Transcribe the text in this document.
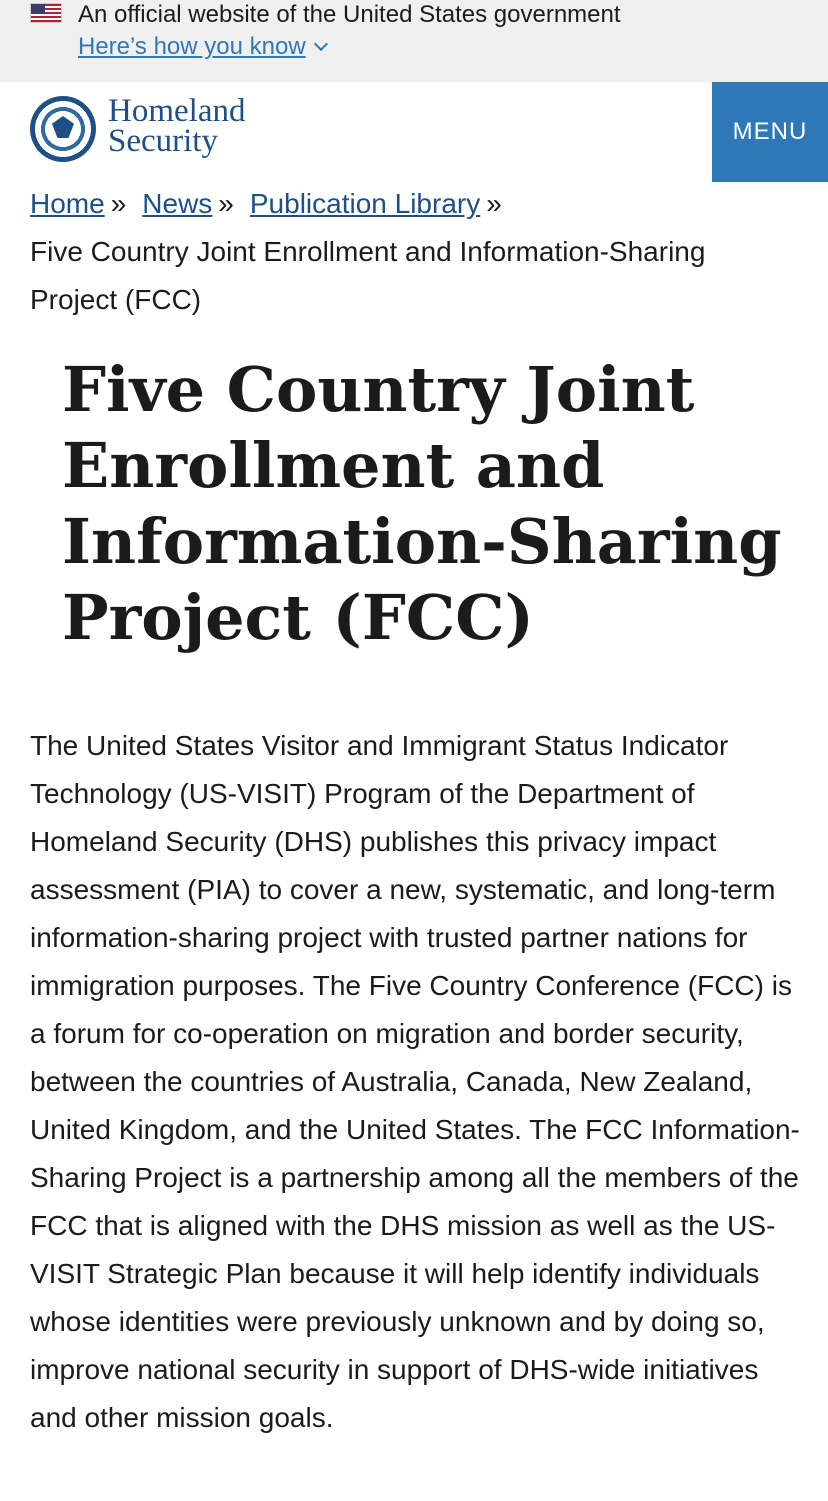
An official website of the United States government
Here’s how you know
Homeland
Security	MENU
Home » News » Publication Library »
Five Country Joint Enrollment and Information-Sharing Project (FCC)
Five Country Joint Enrollment and Information-Sharing Project (FCC)

The United States Visitor and Immigrant Status Indicator Technology (US-VISIT) Program of the Department of Homeland Security (DHS) publishes this privacy impact assessment (PIA) to cover a new, systematic, and long-term information-sharing project with trusted partner nations for immigration purposes. The Five Country Conference (FCC) is a forum for co-operation on migration and border security, between the countries of Australia, Canada, New Zealand, United Kingdom, and the United States. The FCC Information-Sharing Project is a partnership among all the members of the FCC that is aligned with the DHS mission as well as the US-VISIT Strategic Plan because it will help identify individuals whose identities were previously unknown and by doing so, improve national security in support of DHS-wide initiatives and other mission goals.
